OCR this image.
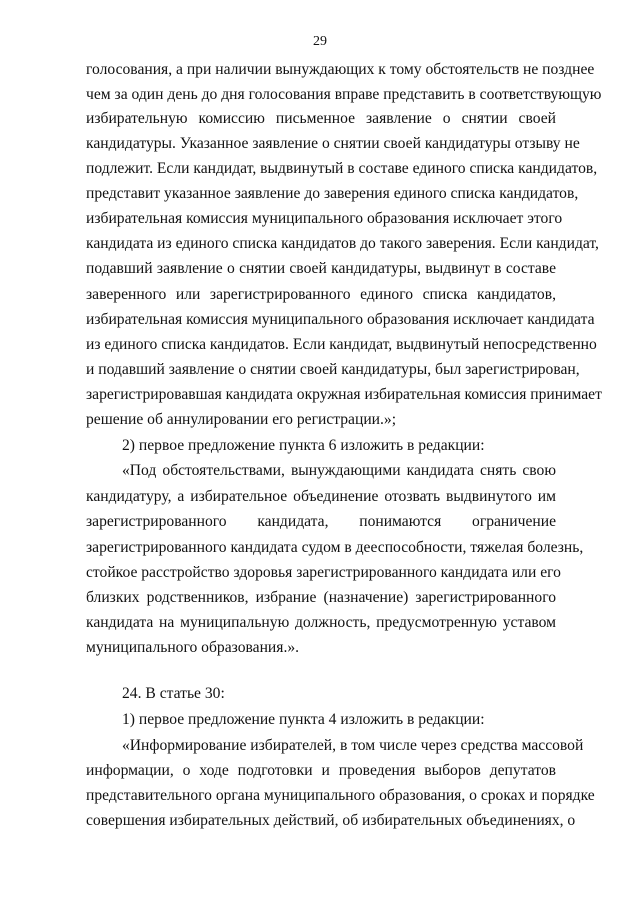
29
голосования, а при наличии вынуждающих к тому обстоятельств не позднее
чем за один день до дня голосования вправе представить в соответствующую
избирательную комиссию письменное заявление о снятии своей
кандидатуры. Указанное заявление о снятии своей кандидатуры отзыву не
подлежит. Если кандидат, выдвинутый в составе единого списка кандидатов,
представит указанное заявление до заверения единого списка кандидатов,
избирательная комиссия муниципального образования исключает этого
кандидата из единого списка кандидатов до такого заверения. Если кандидат,
подавший заявление о снятии своей кандидатуры, выдвинут в составе
заверенного или зарегистрированного единого списка кандидатов,
избирательная комиссия муниципального образования исключает кандидата
из единого списка кандидатов. Если кандидат, выдвинутый непосредственно
и подавший заявление о снятии своей кандидатуры, был зарегистрирован,
зарегистрировавшая кандидата окружная избирательная комиссия принимает
решение об аннулировании его регистрации.»;
2) первое предложение пункта 6 изложить в редакции:
«Под обстоятельствами, вынуждающими кандидата снять свою
кандидатуру, а избирательное объединение отозвать выдвинутого им
зарегистрированного кандидата, понимаются ограничение
зарегистрированного кандидата судом в дееспособности, тяжелая болезнь,
стойкое расстройство здоровья зарегистрированного кандидата или его
близких родственников, избрание (назначение) зарегистрированного
кандидата на муниципальную должность, предусмотренную уставом
муниципального образования.».
24. В статье 30:
1) первое предложение пункта 4 изложить в редакции:
«Информирование избирателей, в том числе через средства массовой
информации, о ходе подготовки и проведения выборов депутатов
представительного органа муниципального образования, о сроках и порядке
совершения избирательных действий, об избирательных объединениях, о
